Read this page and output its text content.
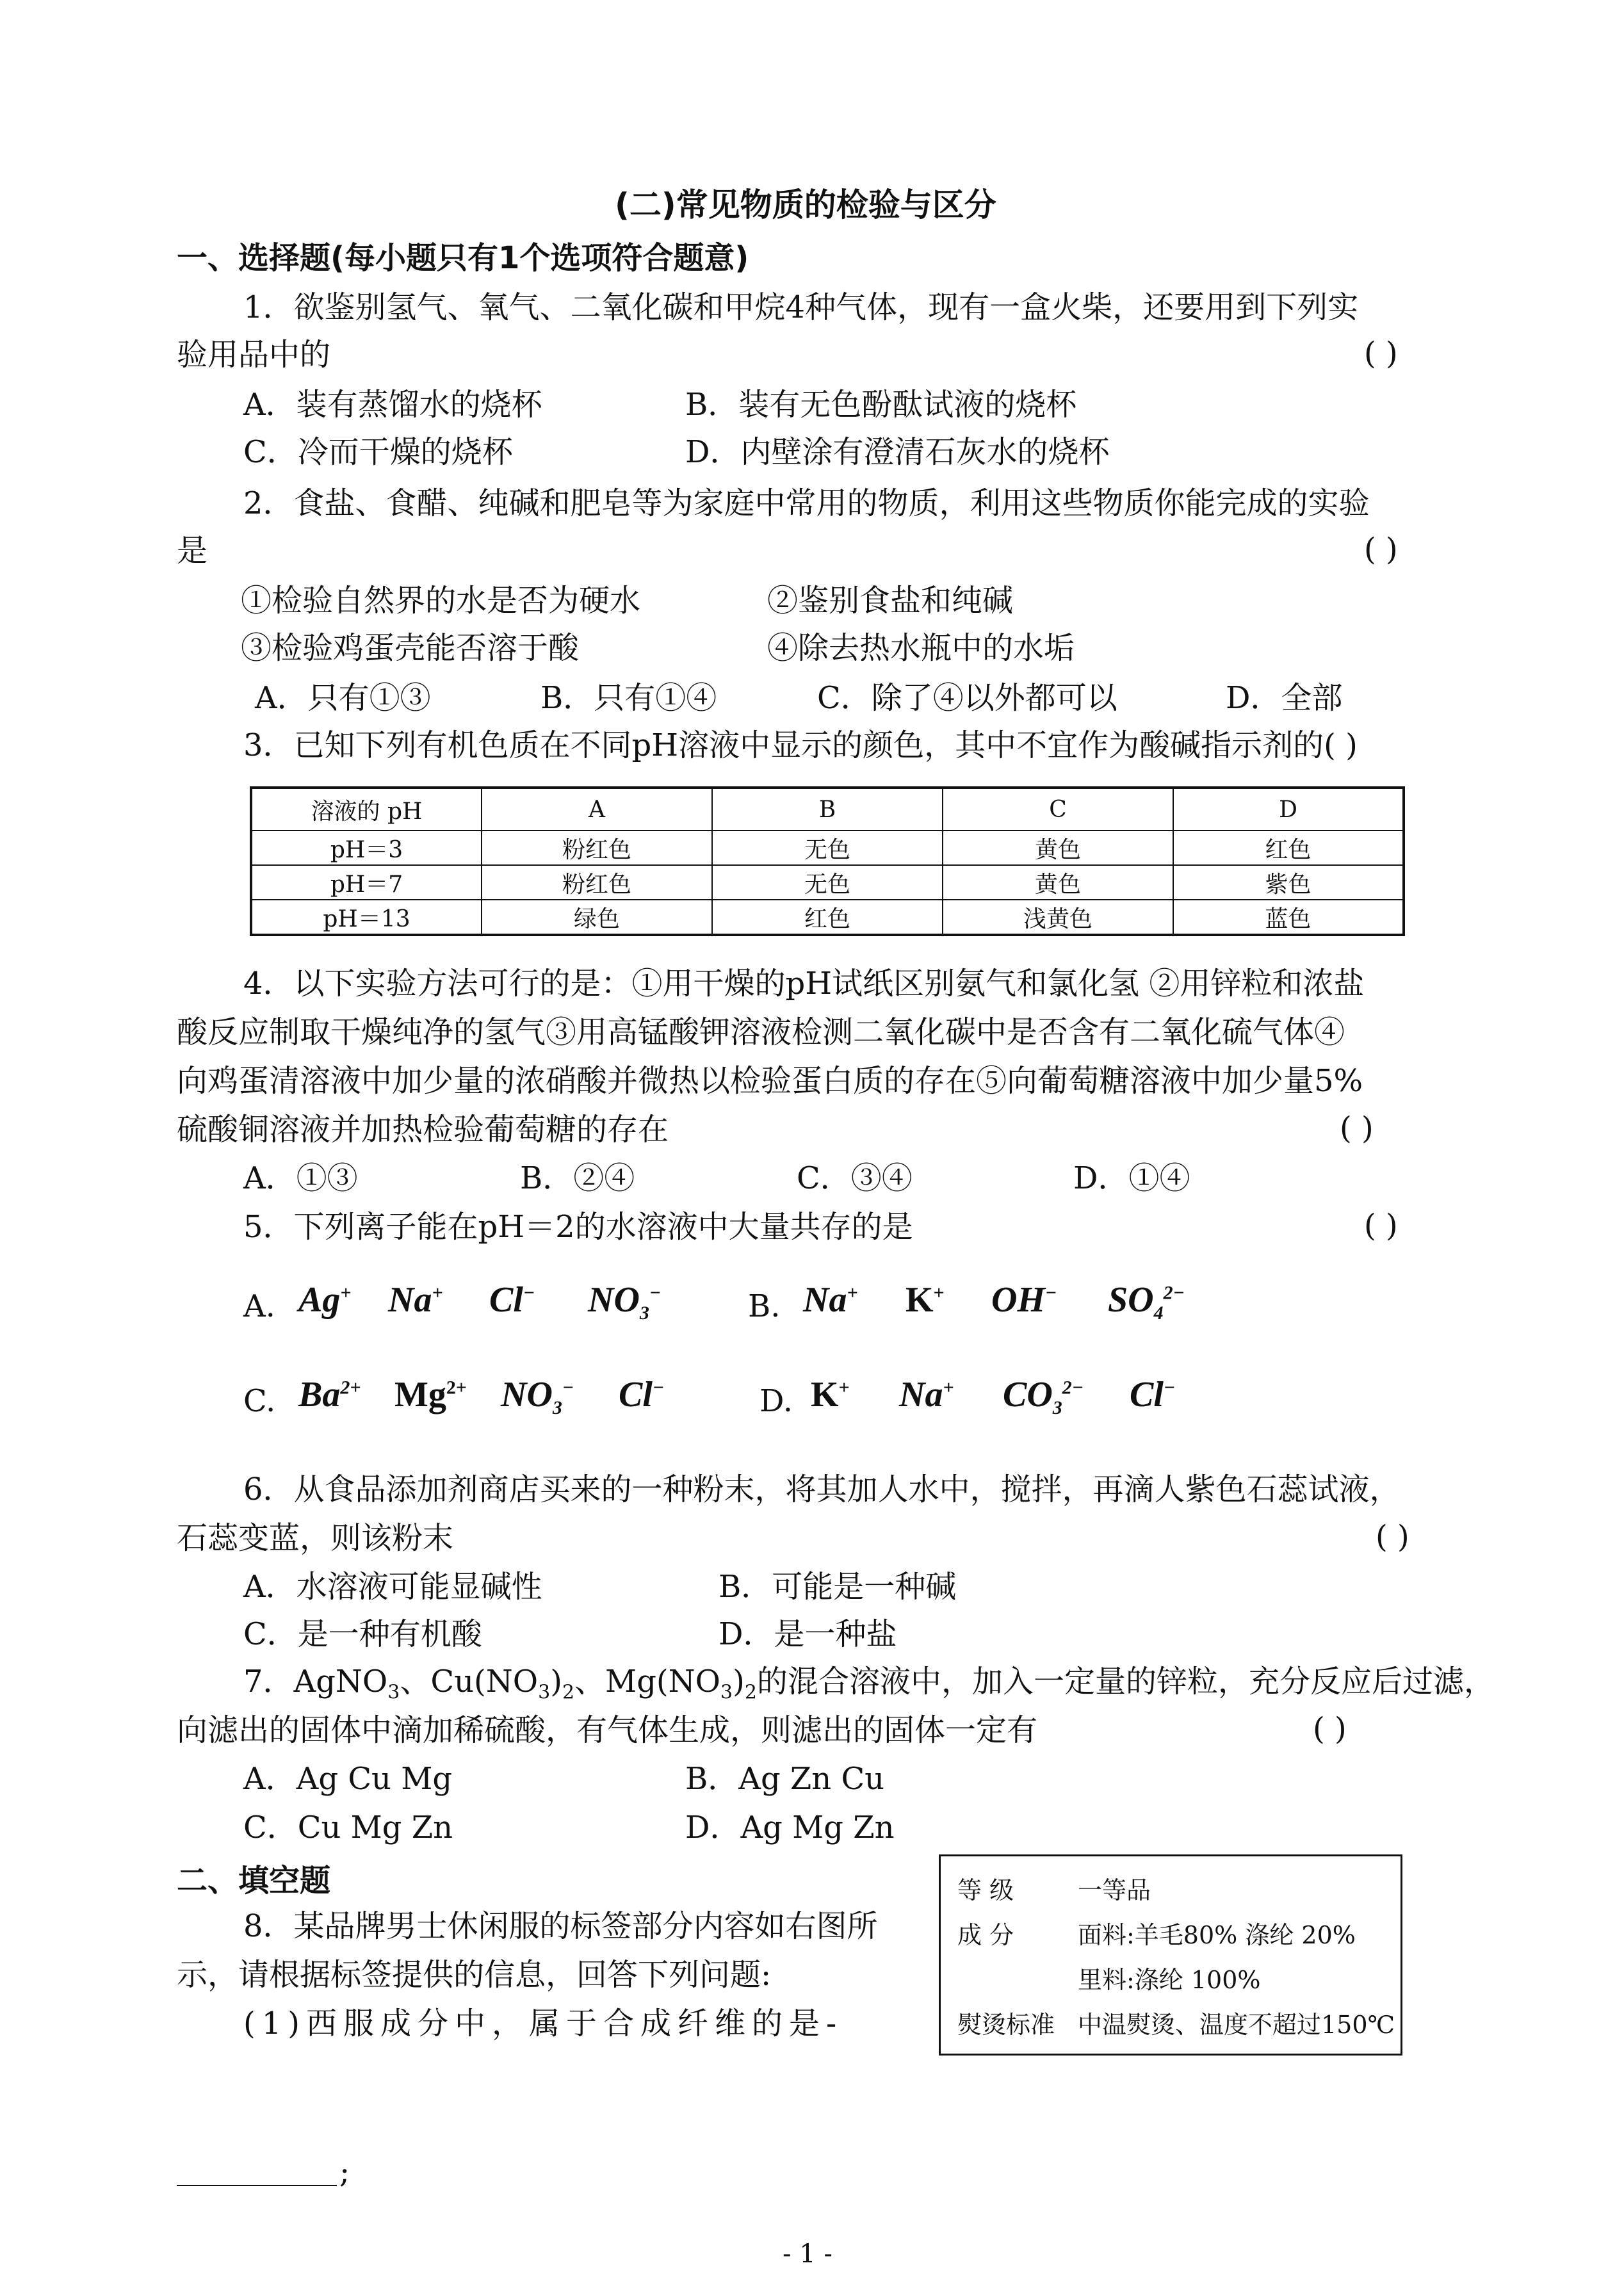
(二)常见物质的检验与区分
一、选择题(每小题只有1个选项符合题意)
1．欲鉴别氢气、氧气、二氧化碳和甲烷4种气体，现有一盒火柴，还要用到下列实
验用品中的	( )
A．装有蒸馏水的烧杯	B．装有无色酚酞试液的烧杯
C．冷而干燥的烧杯	D．内壁涂有澄清石灰水的烧杯
2．食盐、食醋、纯碱和肥皂等为家庭中常用的物质，利用这些物质你能完成的实验
是	( )
①检验自然界的水是否为硬水	②鉴别食盐和纯碱
③检验鸡蛋壳能否溶于酸	④除去热水瓶中的水垢
A．只有①③	B．只有①④	C．除了④以外都可以	D．全部
3．已知下列有机色质在不同pH溶液中显示的颜色，其中不宜作为酸碱指示剂的( )
溶液的 pH	A	B	C	D
pH＝3	粉红色	无色	黄色	红色
pH＝7	粉红色	无色	黄色	紫色
pH＝13	绿色	红色	浅黄色	蓝色
4．以下实验方法可行的是：①用干燥的pH试纸区别氨气和氯化氢 ②用锌粒和浓盐
酸反应制取干燥纯净的氢气③用高锰酸钾溶液检测二氧化碳中是否含有二氧化硫气体④
向鸡蛋清溶液中加少量的浓硝酸并微热以检验蛋白质的存在⑤向葡萄糖溶液中加少量5%
硫酸铜溶液并加热检验葡萄糖的存在	( )
A．①③	B．②④	C．③④	D．①④
5．下列离子能在pH＝2的水溶液中大量共存的是	( )
A. Ag+ Na+ Cl− $NO_3^-$	B. Na+ K+ OH− $SO_4^{2-}$
C. $Ba^{2+}$ $Mg^{2+}$ $NO_3^-$ Cl−	D. K+ Na+ $CO_3^{2-}$ Cl−
6．从食品添加剂商店买来的一种粉末，将其加人水中，搅拌，再滴人紫色石蕊试液，
石蕊变蓝，则该粉末	( )
A．水溶液可能显碱性	B．可能是一种碱
C．是一种有机酸	D．是一种盐
7．AgNO$_3$、$Cu(NO_3)_2$、$Mg(NO_3)_2$的混合溶液中，加入一定量的锌粒，充分反应后过滤，
向滤出的固体中滴加稀硫酸，有气体生成，则滤出的固体一定有	( )
A．Ag Cu Mg	B．Ag Zn Cu
C．Cu Mg Zn	D．Ag Mg Zn
二、填空题
8．某品牌男士休闲服的标签部分内容如右图所
示，请根据标签提供的信息，回答下列问题:
(1)西服成分中，属于合成纤维的是-
;
等 级	一等品
成 分	面料:羊毛80% 涤纶 20%
里料:涤纶 100%
熨烫标准 中温熨烫、温度不超过150℃
- 1 -
